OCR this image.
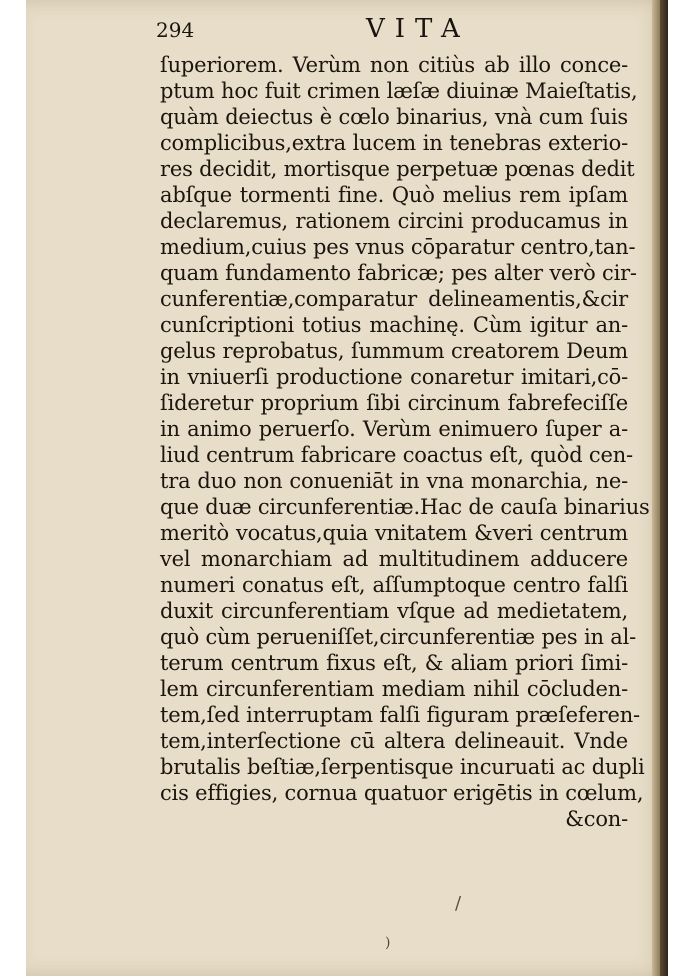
294	VITA
ſuperiorem. Verùm non citiùs ab illo conce-
ptum hoc fuit crimen læſæ diuinæ Maieſtatis,
quàm deiectus è cœlo binarius, vnà cum ſuis
complicibus,extra lucem in tenebras exterio-
res decidit, mortisque perpetuæ pœnas dedit
abſque tormenti fine. Quò melius rem ipſam
declaremus, rationem circini producamus in
medium,cuius pes vnus cōparatur centro,tan-
quam fundamento fabricæ; pes alter verò cir-
cunferentiæ,comparatur delineamentis,&cir
cunſcriptioni totius machinę. Cùm igitur an-
gelus reprobatus, ſummum creatorem Deum
in vniuerſi productione conaretur imitari,cō-
ſideretur proprium ſibi circinum fabrefeciſſe
in animo peruerſo. Verùm enimuero ſuper a-
liud centrum fabricare coactus eſt, quòd cen-
tra duo non conueniāt in vna monarchia, ne-
que duæ circunferentiæ.Hac de cauſa binarius
meritò vocatus,quia vnitatem &veri centrum
vel monarchiam ad multitudinem adducere
numeri conatus eſt, aſſumptoque centro falſi
duxit circunferentiam vſque ad medietatem,
quò cùm perueniſſet,circunferentiæ pes in al-
terum centrum fixus eſt, & aliam priori ſimi-
lem circunferentiam mediam nihil cōcluden-
tem,ſed interruptam falſi figuram præſeferen-
tem,interſectione cū altera delineauit. Vnde
brutalis beſtiæ,ſerpentisque incuruati ac dupli
cis effigies, cornua quatuor erigētis in cœlum,
&con-
/
)
